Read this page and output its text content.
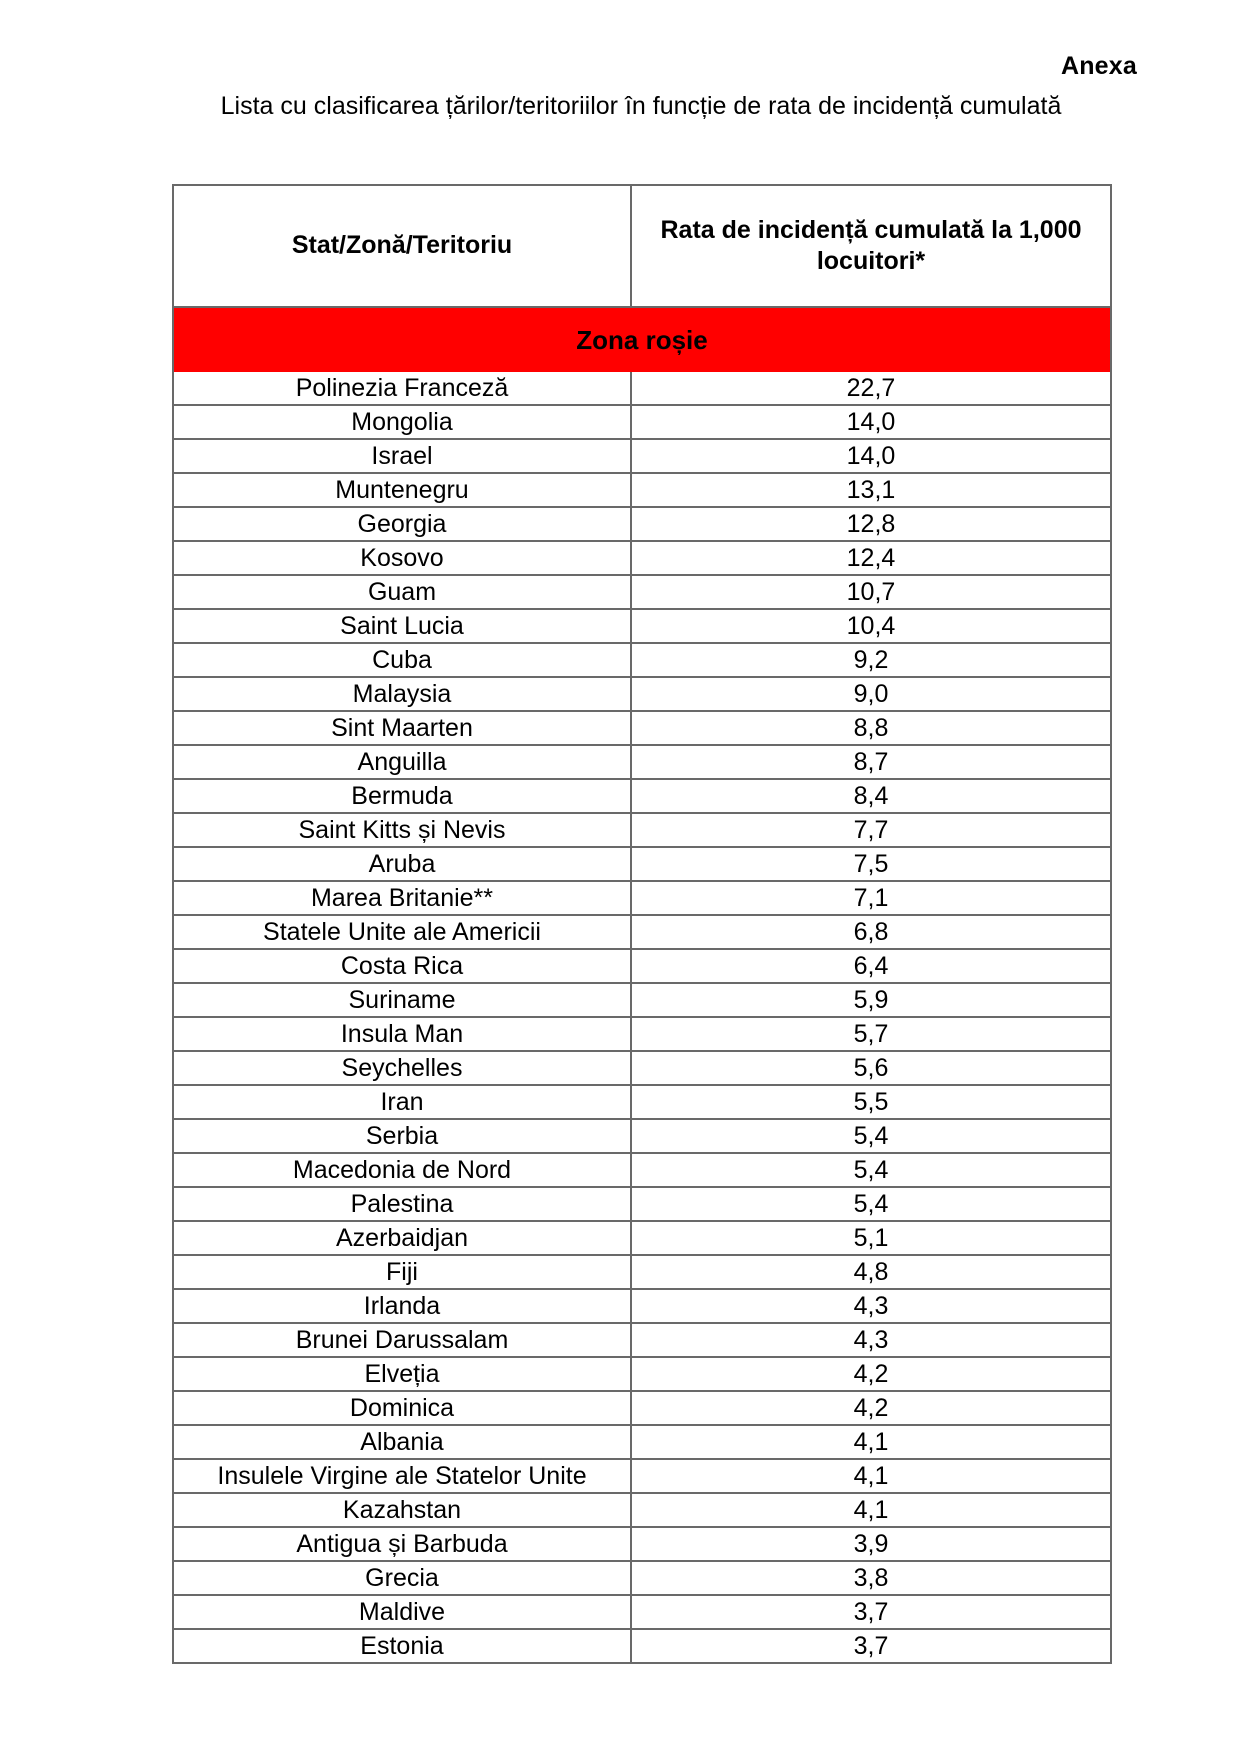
Anexa
Lista cu clasificarea țărilor/teritoriilor în funcție de rata de incidență cumulată
Stat/Zonă/Teritoriu	Rata de incidență cumulată la 1,000 locuitori*
Zona roșie	
Polinezia Franceză	22,7
Mongolia	14,0
Israel	14,0
Muntenegru	13,1
Georgia	12,8
Kosovo	12,4
Guam	10,7
Saint Lucia	10,4
Cuba	9,2
Malaysia	9,0
Sint Maarten	8,8
Anguilla	8,7
Bermuda	8,4
Saint Kitts și Nevis	7,7
Aruba	7,5
Marea Britanie**	7,1
Statele Unite ale Americii	6,8
Costa Rica	6,4
Suriname	5,9
Insula Man	5,7
Seychelles	5,6
Iran	5,5
Serbia	5,4
Macedonia de Nord	5,4
Palestina	5,4
Azerbaidjan	5,1
Fiji	4,8
Irlanda	4,3
Brunei Darussalam	4,3
Elveția	4,2
Dominica	4,2
Albania	4,1
Insulele Virgine ale Statelor Unite	4,1
Kazahstan	4,1
Antigua și Barbuda	3,9
Grecia	3,8
Maldive	3,7
Estonia	3,7
